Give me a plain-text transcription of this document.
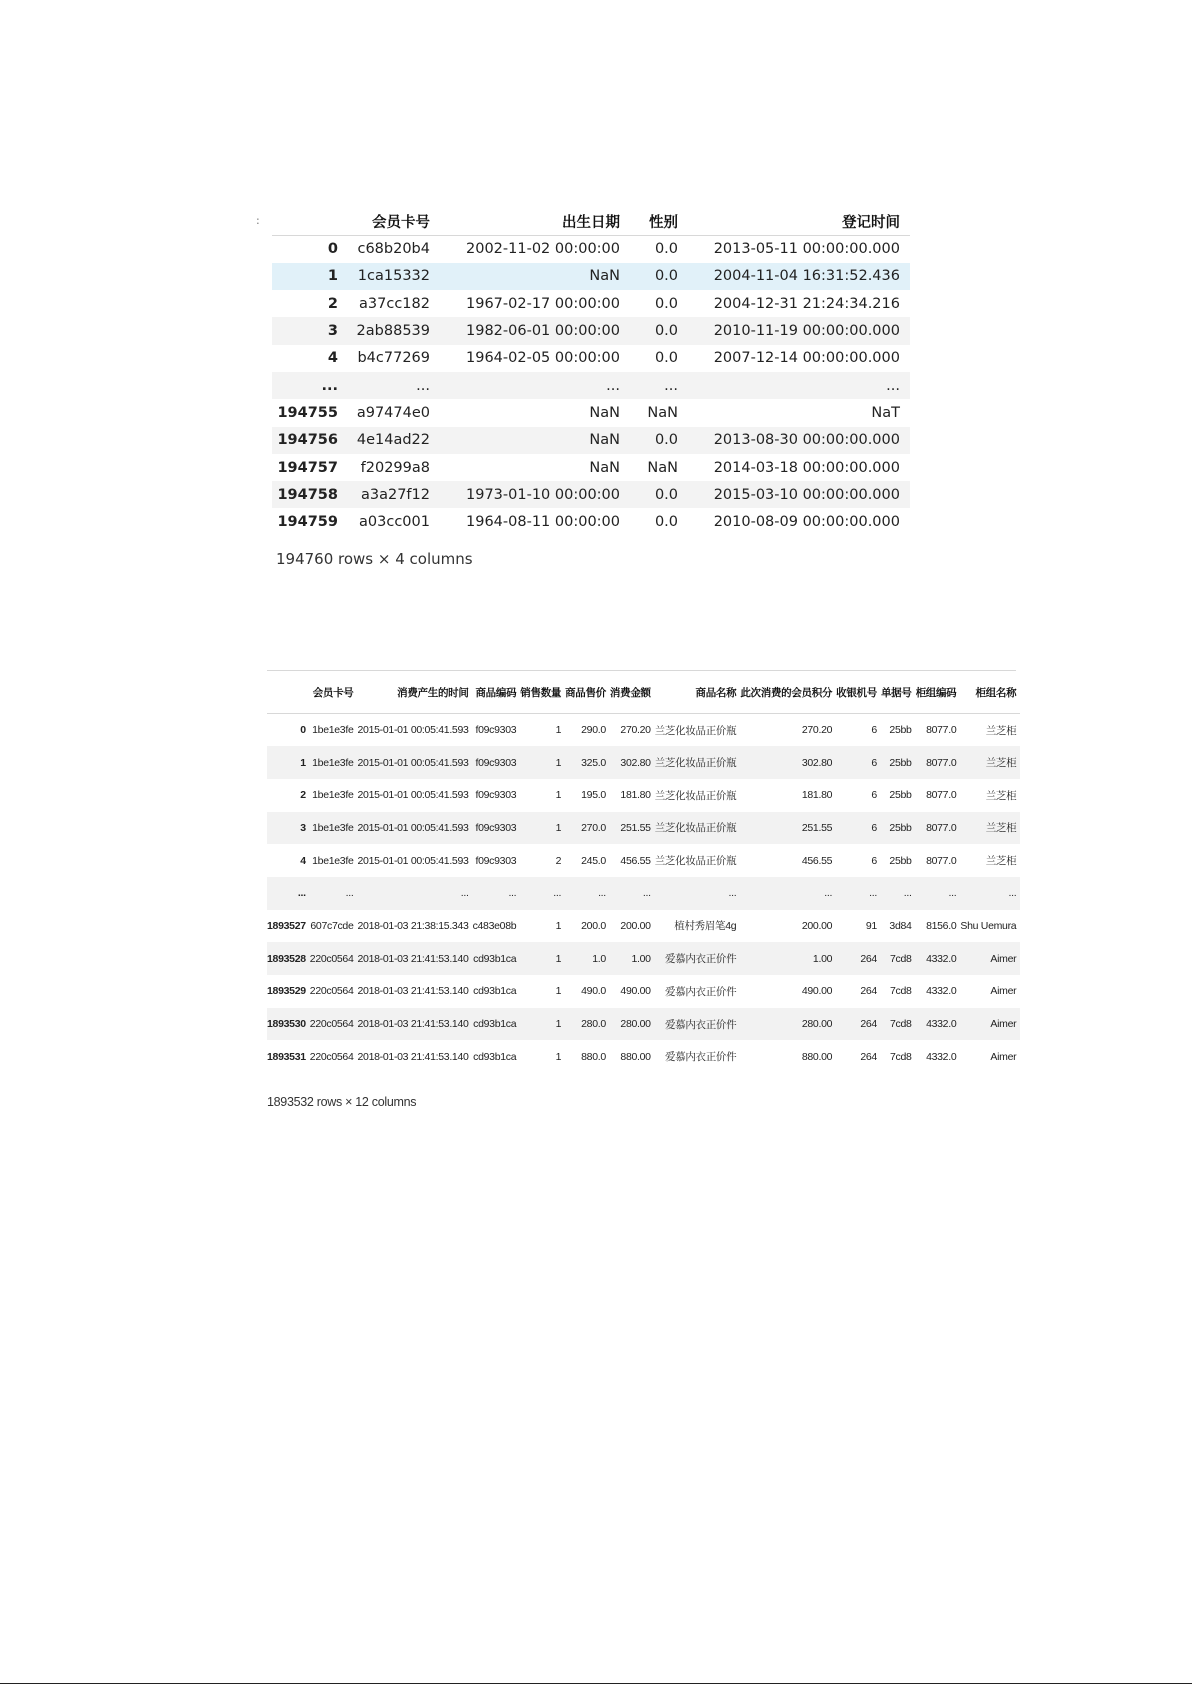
:
		会员卡号	出生日期	性别	登记时间
0	c68b20b4	2002-11-02 00:00:00	0.0	2013-05-11 00:00:00.000
1	1ca15332	NaN	0.0	2004-11-04 16:31:52.436
2	a37cc182	1967-02-17 00:00:00	0.0	2004-12-31 21:24:34.216
3	2ab88539	1982-06-01 00:00:00	0.0	2010-11-19 00:00:00.000
4	b4c77269	1964-02-05 00:00:00	0.0	2007-12-14 00:00:00.000
...	...	...	...	...
194755	a97474e0	NaN	NaN	NaT
194756	4e14ad22	NaN	0.0	2013-08-30 00:00:00.000
194757	f20299a8	NaN	NaN	2014-03-18 00:00:00.000
194758	a3a27f12	1973-01-10 00:00:00	0.0	2015-03-10 00:00:00.000
194759	a03cc001	1964-08-11 00:00:00	0.0	2010-08-09 00:00:00.000
194760 rows × 4 columns
	会员卡号	消费产生的时间	商品编码	销售数量	商品售价	消费金额	商品名称	此次消费的会员积分	收银机号	单据号	柜组编码	柜组名称
0	1be1e3fe	2015-01-01 00:05:41.593	f09c9303	1	290.0	270.20	兰芝化妆品正价瓶	270.20	6	25bb	8077.0	兰芝柜
1	1be1e3fe	2015-01-01 00:05:41.593	f09c9303	1	325.0	302.80	兰芝化妆品正价瓶	302.80	6	25bb	8077.0	兰芝柜
2	1be1e3fe	2015-01-01 00:05:41.593	f09c9303	1	195.0	181.80	兰芝化妆品正价瓶	181.80	6	25bb	8077.0	兰芝柜
3	1be1e3fe	2015-01-01 00:05:41.593	f09c9303	1	270.0	251.55	兰芝化妆品正价瓶	251.55	6	25bb	8077.0	兰芝柜
4	1be1e3fe	2015-01-01 00:05:41.593	f09c9303	2	245.0	456.55	兰芝化妆品正价瓶	456.55	6	25bb	8077.0	兰芝柜
...	...	...	...	...	...	...	...	...	...	...	...	...
1893527	607c7cde	2018-01-03 21:38:15.343	c483e08b	1	200.0	200.00	植村秀眉笔4g	200.00	91	3d84	8156.0	Shu Uemura
1893528	220c0564	2018-01-03 21:41:53.140	cd93b1ca	1	1.0	1.00	爱慕内衣正价件	1.00	264	7cd8	4332.0	Aimer
1893529	220c0564	2018-01-03 21:41:53.140	cd93b1ca	1	490.0	490.00	爱慕内衣正价件	490.00	264	7cd8	4332.0	Aimer
1893530	220c0564	2018-01-03 21:41:53.140	cd93b1ca	1	280.0	280.00	爱慕内衣正价件	280.00	264	7cd8	4332.0	Aimer
1893531	220c0564	2018-01-03 21:41:53.140	cd93b1ca	1	880.0	880.00	爱慕内衣正价件	880.00	264	7cd8	4332.0	Aimer
1893532 rows × 12 columns
